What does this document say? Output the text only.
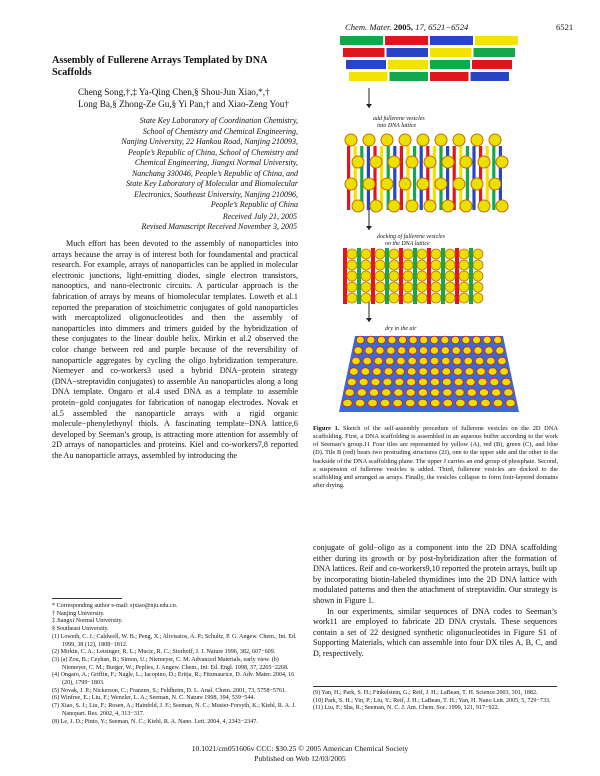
Chem. Mater. 2005, 17, 6521−6524	6521
Assembly of Fullerene Arrays Templated by DNA Scaffolds
Cheng Song,†,‡ Ya-Qing Chen,§ Shou-Jun Xiao,*,†
Long Ba,§ Zhong-Ze Gu,§ Yi Pan,† and Xiao-Zeng You†
State Key Laboratory of Coordination Chemistry,
School of Chemistry and Chemical Engineering,
Nanjing University, 22 Hankou Road, Nanjing 210093,
People’s Republic of China, School of Chemistry and
Chemical Engineering, Jiangxi Normal University,
Nanchang 330046, People’s Republic of China, and
State Key Laboratory of Molecular and Biomolecular
Electronics, Southeast University, Nanjing 210096,
People’s Republic of China
Received July 21, 2005
Revised Manuscript Received November 3, 2005

Much effort has been devoted to the assembly of nanoparticles into arrays because the array is of interest both for foundamental and practical research. For example, arrays of nanoparticles can be applied in molecular electronic junctions, light-emitting diodes, single electron transistors, nanooptics, and nano-electronic circuits. A particular approach is the fabrication of arrays by means of biomolecular templates. Loweth et al.1 reported the preparation of stoichimetric conjugates of gold nanoparticles with mercaptolized oligonucleotides and then the assembly of nanoparticles into dimmers and trimers guided by the hybridization of these conjugates to the linear double helix. Mirkin et al.2 observed the color change between red and purple because of the reversibility of nanoparticle aggregates by cycling the oligo hybridization temperature. Niemeyer and co-workers3 used a hybrid DNA−protein strategy (DNA−streptavidin conjugates) to assemble Au nanoparticles along a long DNA template. Ongaro et al.4 used DNA as a template to assemble protein−gold conjugates for fabrication of nanogap electrodes. Novak et al.5 assembled the nanoparticle arrays with a rigid organic molecule−phenylethynyl thiols. A fascinating template−DNA lattice,6 developed by Seeman’s group, is attracting more attention for assembly of 2D arrays of nanoparticles and proteins. Kiel and co-workers7,8 reported the Au nanoparticle arrays, assembled by introducing the

* Corresponding author e-mail: sjxiao@nju.edu.cn.
† Nanjing University.
‡ Jiangxi Normal University.
§ Southeast University.
(1) Loweth, C. J.; Caldwell, W. B.; Peng, X.; Alivisatos, A. P.; Schultz, P. G. Angew. Chem., Int. Ed. 1999, 38 (12), 1808−1812.
(2) Mirkin, C. A.; Letsinger, R. L.; Mucic, R. C.; Storhoff, J. J. Nature 1996, 382, 607−609.
(3) (a) Zou, B.; Ceyhan, B.; Simon, U.; Niemeyer, C. M. Advanced Materials, early view. (b) Niemeyer, C. M.; Burger, W.; Peplies, J. Angew. Chem., Int. Ed. Engl. 1998, 37, 2265−2268.
(4) Ongaro, A.; Griffin, F.; Nagle, L.; Iacopino, D.; Eritja, R.; Fitzmaurice, D. Adv. Mater. 2004, 16 (20), 1799−1803.
(5) Novak, J. P.; Nickerson, C.; Franzen, S.; Feldheim, D. L. Anal. Chem. 2001, 73, 5758−5761.
(6) Winfree, E.; Liu, F.; Wenzler, L. A.; Seeman, N. C. Nature 1998, 394, 539−544.
(7) Xiao, S. J.; Liu, F.; Rosen, A.; Hainfeld, J. F.; Seeman, N. C.; Musier-Forsyth, K.; Kiehl, R. A. J. Nanopart. Res. 2002, 4, 313−317.
(8) Le, J. D.; Pinto, Y.; Seeman, N. C.; Kiehl, R. A. Nano. Lett. 2004, 4, 2343−2347.
add fullerene vesicles
into DNA lattice
docking of fullerene vesicles
on the DNA lattice
dry in the air
Figure 1. Sketch of the self-assembly procedure of fullerene vesicles on the 2D DNA scaffolding. First, a DNA scaffolding is assembled in an aqueous buffer according to the work of Seeman’s group.11 Four tiles are represented by yellow (A), red (B), green (C), and blue (D). Tile B (red) bears two protruding structures (2J), one to the upper side and the other to the backside of the DNA scaffolding plane. The upper J carries an end group of phosphate. Second, a suspension of fullerene vesicles is added. Third, fullerene vesicles are docked to the scaffolding and arranged as arrays. Finally, the vesicles collapse to form four-layered domains after drying.

conjugate of gold−oligo as a component into the 2D DNA scaffolding either during its growth or by post-hybridization after the formation of DNA lattices. Reif and co-workers9,10 reported the protein arrays, built up by incorporating biotin-labeled thymidines into the 2D DNA lattice with modulated patterns and then the attachment of streptavidin. Our strategy is shown in Figure 1.

In our experiments, similar sequences of DNA codes to Seeman’s work11 are employed to fabricate 2D DNA crystals. These sequences contain a set of 22 designed synthetic oligonucleotides in Figure S1 of Supporting Materials, which can assemble into four DX tiles A, B, C, and D, respectively.

(9) Yan, H.; Park, S. H.; Finkelstein, G.; Reif, J. H.; LaBean, T. H. Science 2003, 301, 1882.
(10) Park, S. H.; Yin, P.; Liu, Y.; Reif, J. H.; LaBean, T. H.; Yan, H. Nano Lett. 2005, 5, 729−733.
(11) Liu, F.; Sha, R.; Seeman, N. C. J. Am. Chem. Soc. 1999, 121, 917−922.
10.1021/cm051606v CCC: $30.25 © 2005 American Chemical Society
Published on Web 12/03/2005
